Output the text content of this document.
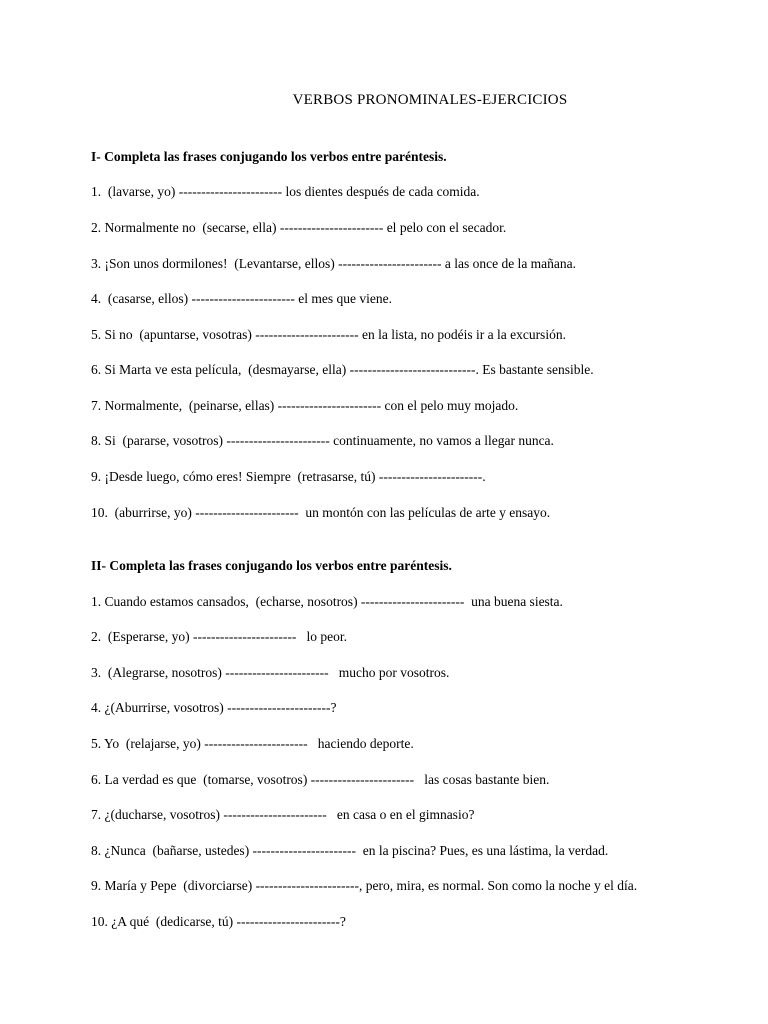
VERBOS PRONOMINALES-EJERCICIOS
I- Completa las frases conjugando los verbos entre paréntesis.
1.  (lavarse, yo) ----------------------- los dientes después de cada comida.
2. Normalmente no  (secarse, ella) ----------------------- el pelo con el secador.
3. ¡Son unos dormilones!  (Levantarse, ellos) ----------------------- a las once de la mañana.
4.  (casarse, ellos) ----------------------- el mes que viene.
5. Si no  (apuntarse, vosotras) ----------------------- en la lista, no podéis ir a la excursión.
6. Si Marta ve esta película,  (desmayarse, ella) ----------------------------. Es bastante sensible.
7. Normalmente,  (peinarse, ellas) ----------------------- con el pelo muy mojado.
8. Si  (pararse, vosotros) ----------------------- continuamente, no vamos a llegar nunca.
9. ¡Desde luego, cómo eres! Siempre  (retrasarse, tú) -----------------------.
10.  (aburrirse, yo) -----------------------  un montón con las películas de arte y ensayo.
II- Completa las frases conjugando los verbos entre paréntesis.
1. Cuando estamos cansados,  (echarse, nosotros) -----------------------  una buena siesta.
2.  (Esperarse, yo) -----------------------   lo peor.
3.  (Alegrarse, nosotros) -----------------------   mucho por vosotros.
4. ¿(Aburrirse, vosotros) -----------------------?
5. Yo  (relajarse, yo) -----------------------   haciendo deporte.
6. La verdad es que  (tomarse, vosotros) -----------------------   las cosas bastante bien.
7. ¿(ducharse, vosotros) -----------------------   en casa o en el gimnasio?
8. ¿Nunca  (bañarse, ustedes) -----------------------  en la piscina? Pues, es una lástima, la verdad.
9. María y Pepe  (divorciarse) -----------------------, pero, mira, es normal. Son como la noche y el día.
10. ¿A qué  (dedicarse, tú) -----------------------?
